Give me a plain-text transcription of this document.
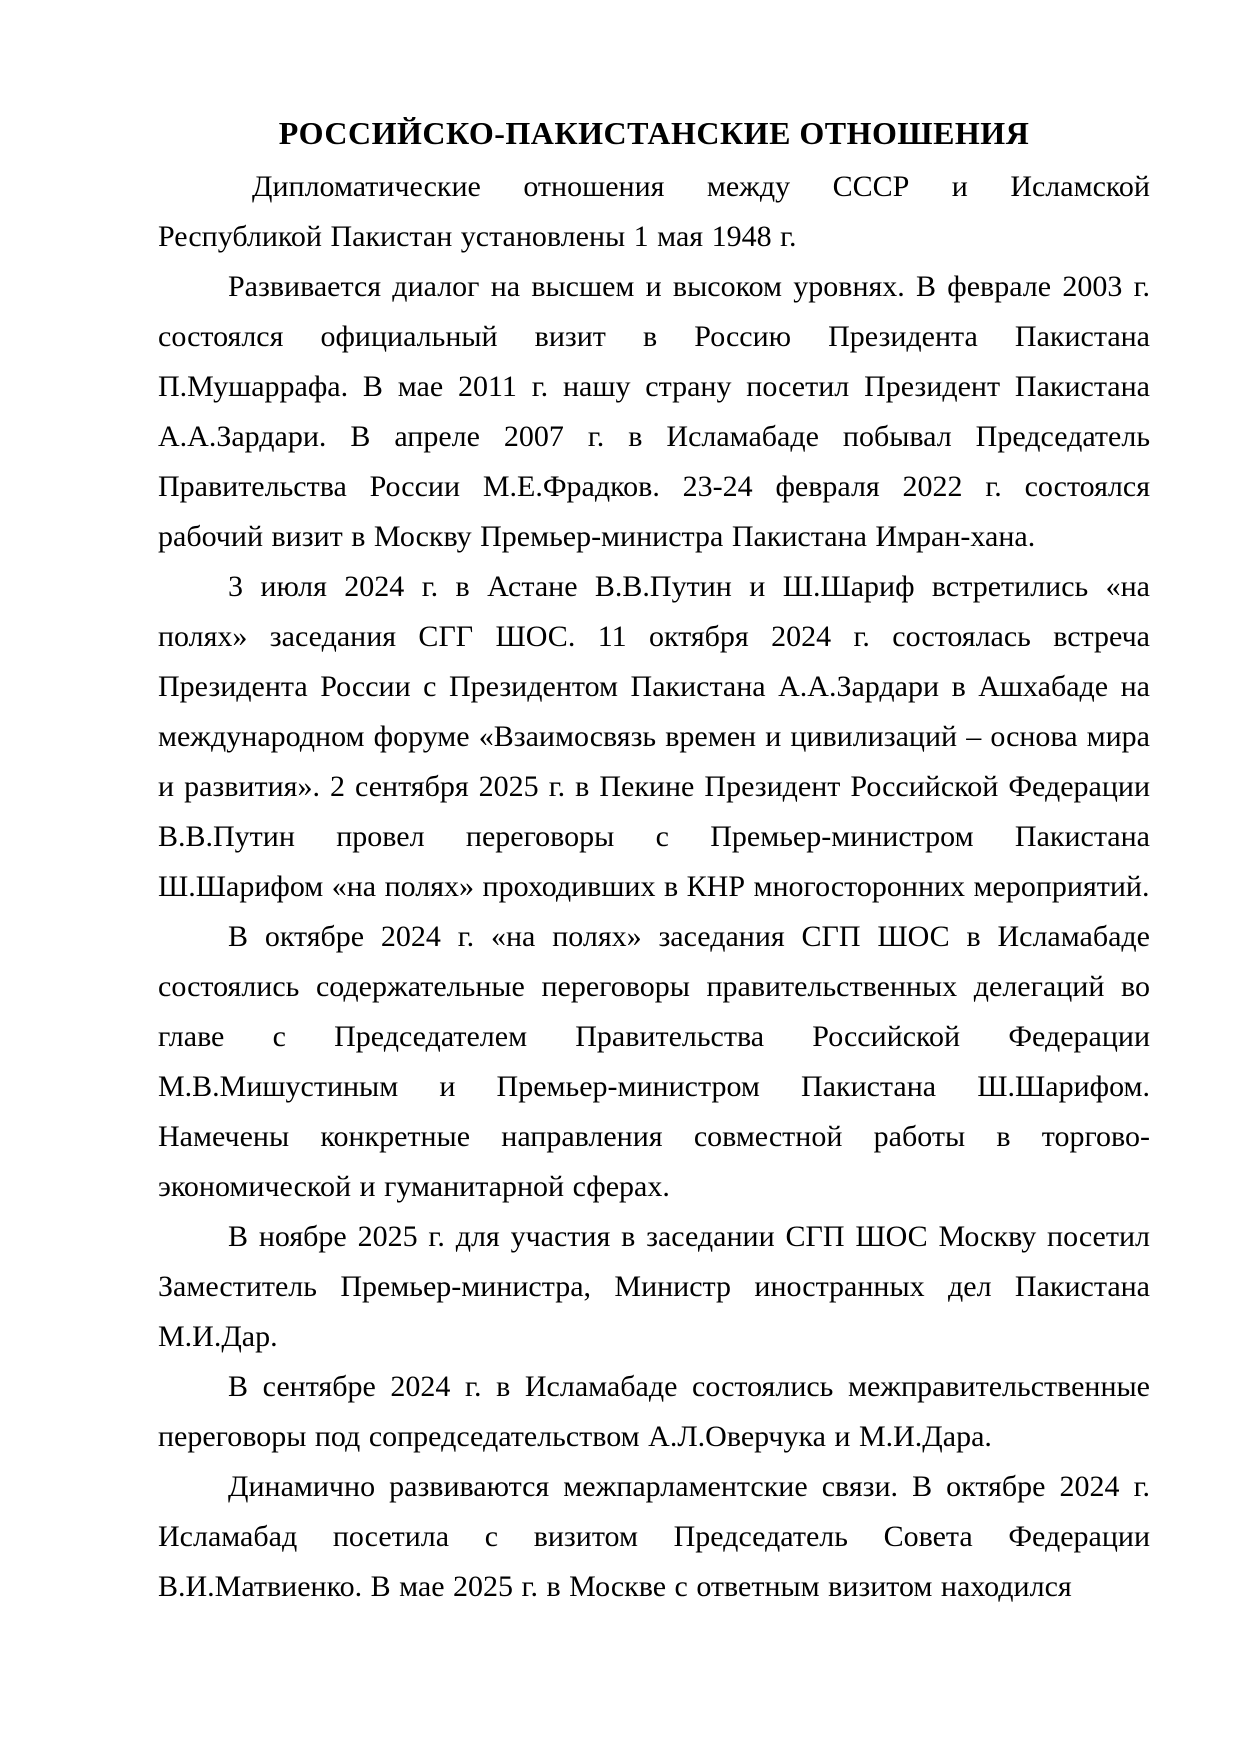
РОССИЙСКО-ПАКИСТАНСКИЕ ОТНОШЕНИЯ

Дипломатические отношения между СССР и Исламской Республикой Пакистан установлены 1 мая 1948 г.

Развивается диалог на высшем и высоком уровнях. В феврале 2003 г. состоялся официальный визит в Россию Президента Пакистана П.Мушаррафа. В мае 2011 г. нашу страну посетил Президент Пакистана А.А.Зардари. В апреле 2007 г. в Исламабаде побывал Председатель Правительства России М.Е.Фрадков. 23-24 февраля 2022 г. состоялся рабочий визит в Москву Премьер-министра Пакистана Имран-хана.

3 июля 2024 г. в Астане В.В.Путин и Ш.Шариф встретились «на полях» заседания СГГ ШОС. 11 октября 2024 г. состоялась встреча Президента России с Президентом Пакистана А.А.Зардари в Ашхабаде на международном форуме «Взаимосвязь времен и цивилизаций – основа мира и развития». 2 сентября 2025 г. в Пекине Президент Российской Федерации В.В.Путин провел переговоры с Премьер-министром Пакистана Ш.Шарифом «на полях» проходивших в КНР многосторонних мероприятий.

В октябре 2024 г. «на полях» заседания СГП ШОС в Исламабаде состоялись содержательные переговоры правительственных делегаций во главе с Председателем Правительства Российской Федерации М.В.Мишустиным и Премьер-министром Пакистана Ш.Шарифом. Намечены конкретные направления совместной работы в торгово-экономической и гуманитарной сферах.

В ноябре 2025 г. для участия в заседании СГП ШОС Москву посетил Заместитель Премьер-министра, Министр иностранных дел Пакистана М.И.Дар.

В сентябре 2024 г. в Исламабаде состоялись межправительственные переговоры под сопредседательством А.Л.Оверчука и М.И.Дара.

Динамично развиваются межпарламентские связи. В октябре 2024 г. Исламабад посетила с визитом Председатель Совета Федерации В.И.Матвиенко. В мае 2025 г. в Москве с ответным визитом находился
